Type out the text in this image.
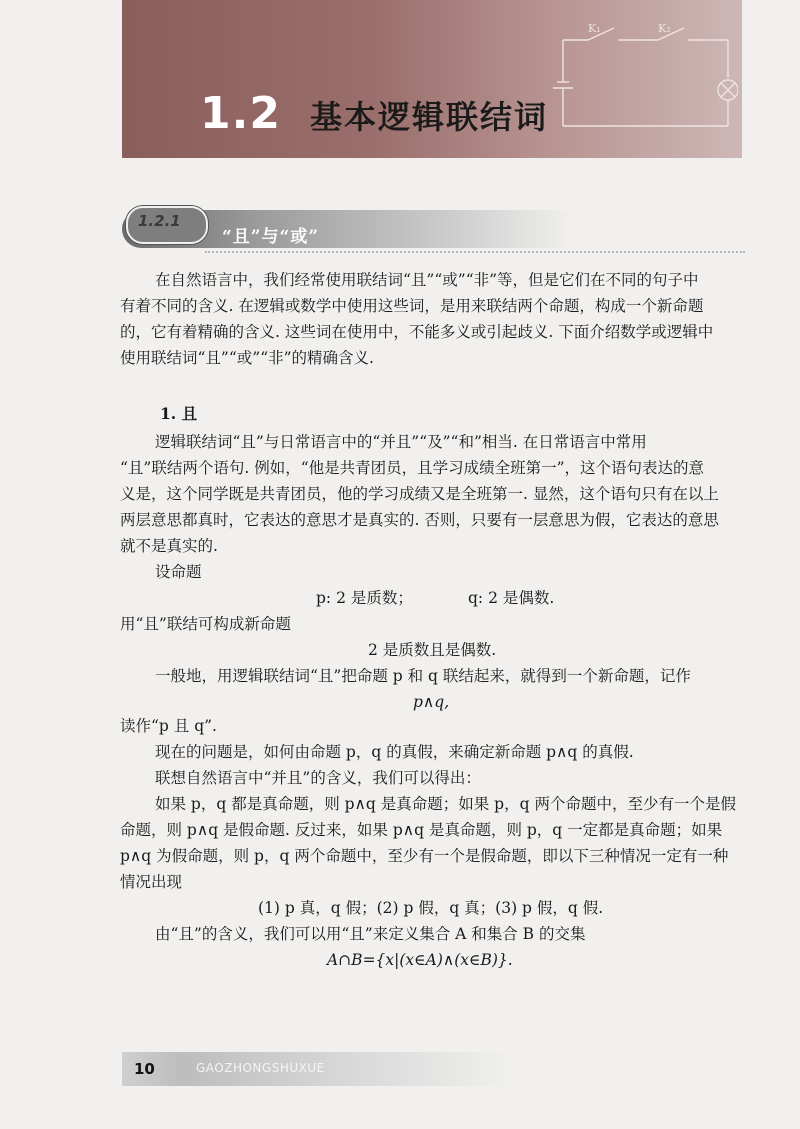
K₁	K₂
1.2 基本逻辑联结词
1.2.1
“且”与“或”
在自然语言中，我们经常使用联结词“且”“或”“非”等，但是它们在不同的句子中
有着不同的含义. 在逻辑或数学中使用这些词，是用来联结两个命题，构成一个新命题
的，它有着精确的含义. 这些词在使用中，不能多义或引起歧义. 下面介绍数学或逻辑中
使用联结词“且”“或”“非”的精确含义.
1. 且
逻辑联结词“且”与日常语言中的“并且”“及”“和”相当. 在日常语言中常用
“且”联结两个语句. 例如，“他是共青团员，且学习成绩全班第一”，这个语句表达的意
义是，这个同学既是共青团员，他的学习成绩又是全班第一. 显然，这个语句只有在以上
两层意思都真时，它表达的意思才是真实的. 否则，只要有一层意思为假，它表达的意思
就不是真实的.
设命题
p: 2 是质数；	q: 2 是偶数.
用“且”联结可构成新命题
2 是质数且是偶数.
一般地，用逻辑联结词“且”把命题 p 和 q 联结起来，就得到一个新命题，记作
p∧q,
读作“p 且 q”.
现在的问题是，如何由命题 p，q 的真假，来确定新命题 p∧q 的真假.
联想自然语言中“并且”的含义，我们可以得出：
如果 p，q 都是真命题，则 p∧q 是真命题；如果 p，q 两个命题中，至少有一个是假
命题，则 p∧q 是假命题. 反过来，如果 p∧q 是真命题，则 p，q 一定都是真命题；如果
p∧q 为假命题，则 p，q 两个命题中，至少有一个是假命题，即以下三种情况一定有一种
情况出现
(1) p 真，q 假；(2) p 假，q 真；(3) p 假，q 假.
由“且”的含义，我们可以用“且”来定义集合 A 和集合 B 的交集
A∩B={x|(x∈A)∧(x∈B)}.
10	GAOZHONGSHUXUE
